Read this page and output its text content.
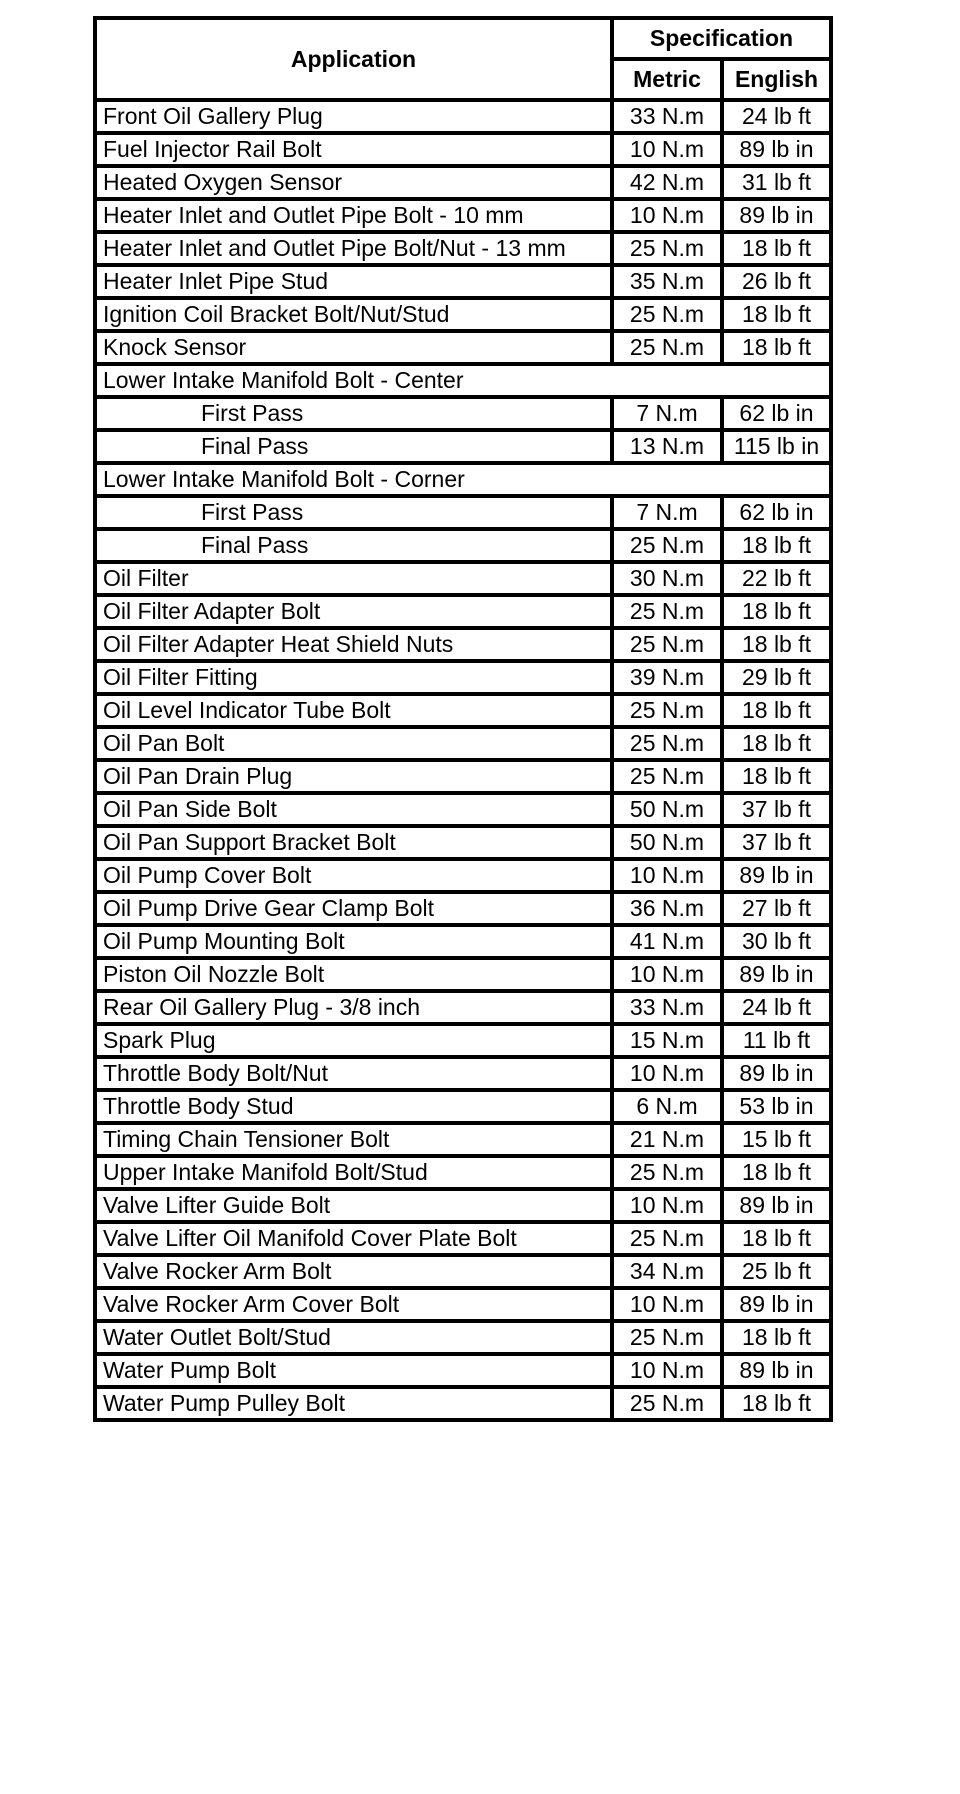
Application	Specification	
	Metric	English
Front Oil Gallery Plug	33 N.m	24 lb ft
Fuel Injector Rail Bolt	10 N.m	89 lb in
Heated Oxygen Sensor	42 N.m	31 lb ft
Heater Inlet and Outlet Pipe Bolt - 10 mm	10 N.m	89 lb in
Heater Inlet and Outlet Pipe Bolt/Nut - 13 mm	25 N.m	18 lb ft
Heater Inlet Pipe Stud	35 N.m	26 lb ft
Ignition Coil Bracket Bolt/Nut/Stud	25 N.m	18 lb ft
Knock Sensor	25 N.m	18 lb ft
Lower Intake Manifold Bolt - Center		
First Pass	7 N.m	62 lb in
Final Pass	13 N.m	115 lb in
Lower Intake Manifold Bolt - Corner		
First Pass	7 N.m	62 lb in
Final Pass	25 N.m	18 lb ft
Oil Filter	30 N.m	22 lb ft
Oil Filter Adapter Bolt	25 N.m	18 lb ft
Oil Filter Adapter Heat Shield Nuts	25 N.m	18 lb ft
Oil Filter Fitting	39 N.m	29 lb ft
Oil Level Indicator Tube Bolt	25 N.m	18 lb ft
Oil Pan Bolt	25 N.m	18 lb ft
Oil Pan Drain Plug	25 N.m	18 lb ft
Oil Pan Side Bolt	50 N.m	37 lb ft
Oil Pan Support Bracket Bolt	50 N.m	37 lb ft
Oil Pump Cover Bolt	10 N.m	89 lb in
Oil Pump Drive Gear Clamp Bolt	36 N.m	27 lb ft
Oil Pump Mounting Bolt	41 N.m	30 lb ft
Piston Oil Nozzle Bolt	10 N.m	89 lb in
Rear Oil Gallery Plug - 3/8 inch	33 N.m	24 lb ft
Spark Plug	15 N.m	11 lb ft
Throttle Body Bolt/Nut	10 N.m	89 lb in
Throttle Body Stud	6 N.m	53 lb in
Timing Chain Tensioner Bolt	21 N.m	15 lb ft
Upper Intake Manifold Bolt/Stud	25 N.m	18 lb ft
Valve Lifter Guide Bolt	10 N.m	89 lb in
Valve Lifter Oil Manifold Cover Plate Bolt	25 N.m	18 lb ft
Valve Rocker Arm Bolt	34 N.m	25 lb ft
Valve Rocker Arm Cover Bolt	10 N.m	89 lb in
Water Outlet Bolt/Stud	25 N.m	18 lb ft
Water Pump Bolt	10 N.m	89 lb in
Water Pump Pulley Bolt	25 N.m	18 lb ft
